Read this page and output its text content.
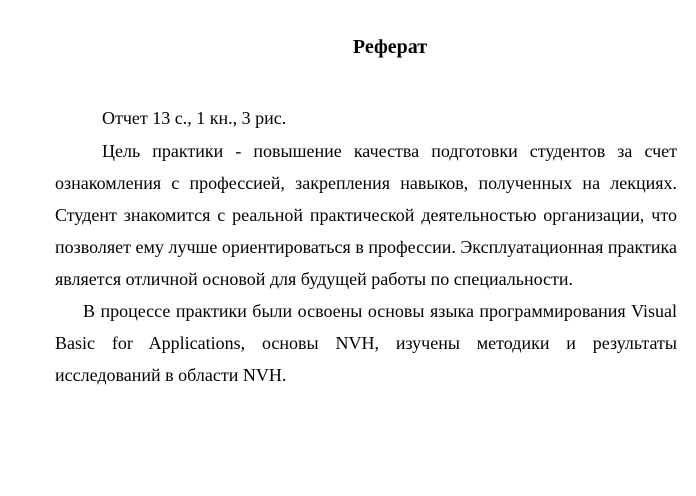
Реферат
Отчет 13 с., 1 кн., 3 рис.

Цель практики - повышение качества подготовки студентов за счет ознакомления с профессией, закрепления навыков, полученных на лекциях. Студент знакомится с реальной практической деятельностью организации, что позволяет ему лучше ориентироваться в профессии. Эксплуатационная практика является отличной основой для будущей работы по специальности.

В процессе практики были освоены основы языка программирования Visual Basic for Applications, основы NVH, изучены методики и результаты исследований в области NVH.
